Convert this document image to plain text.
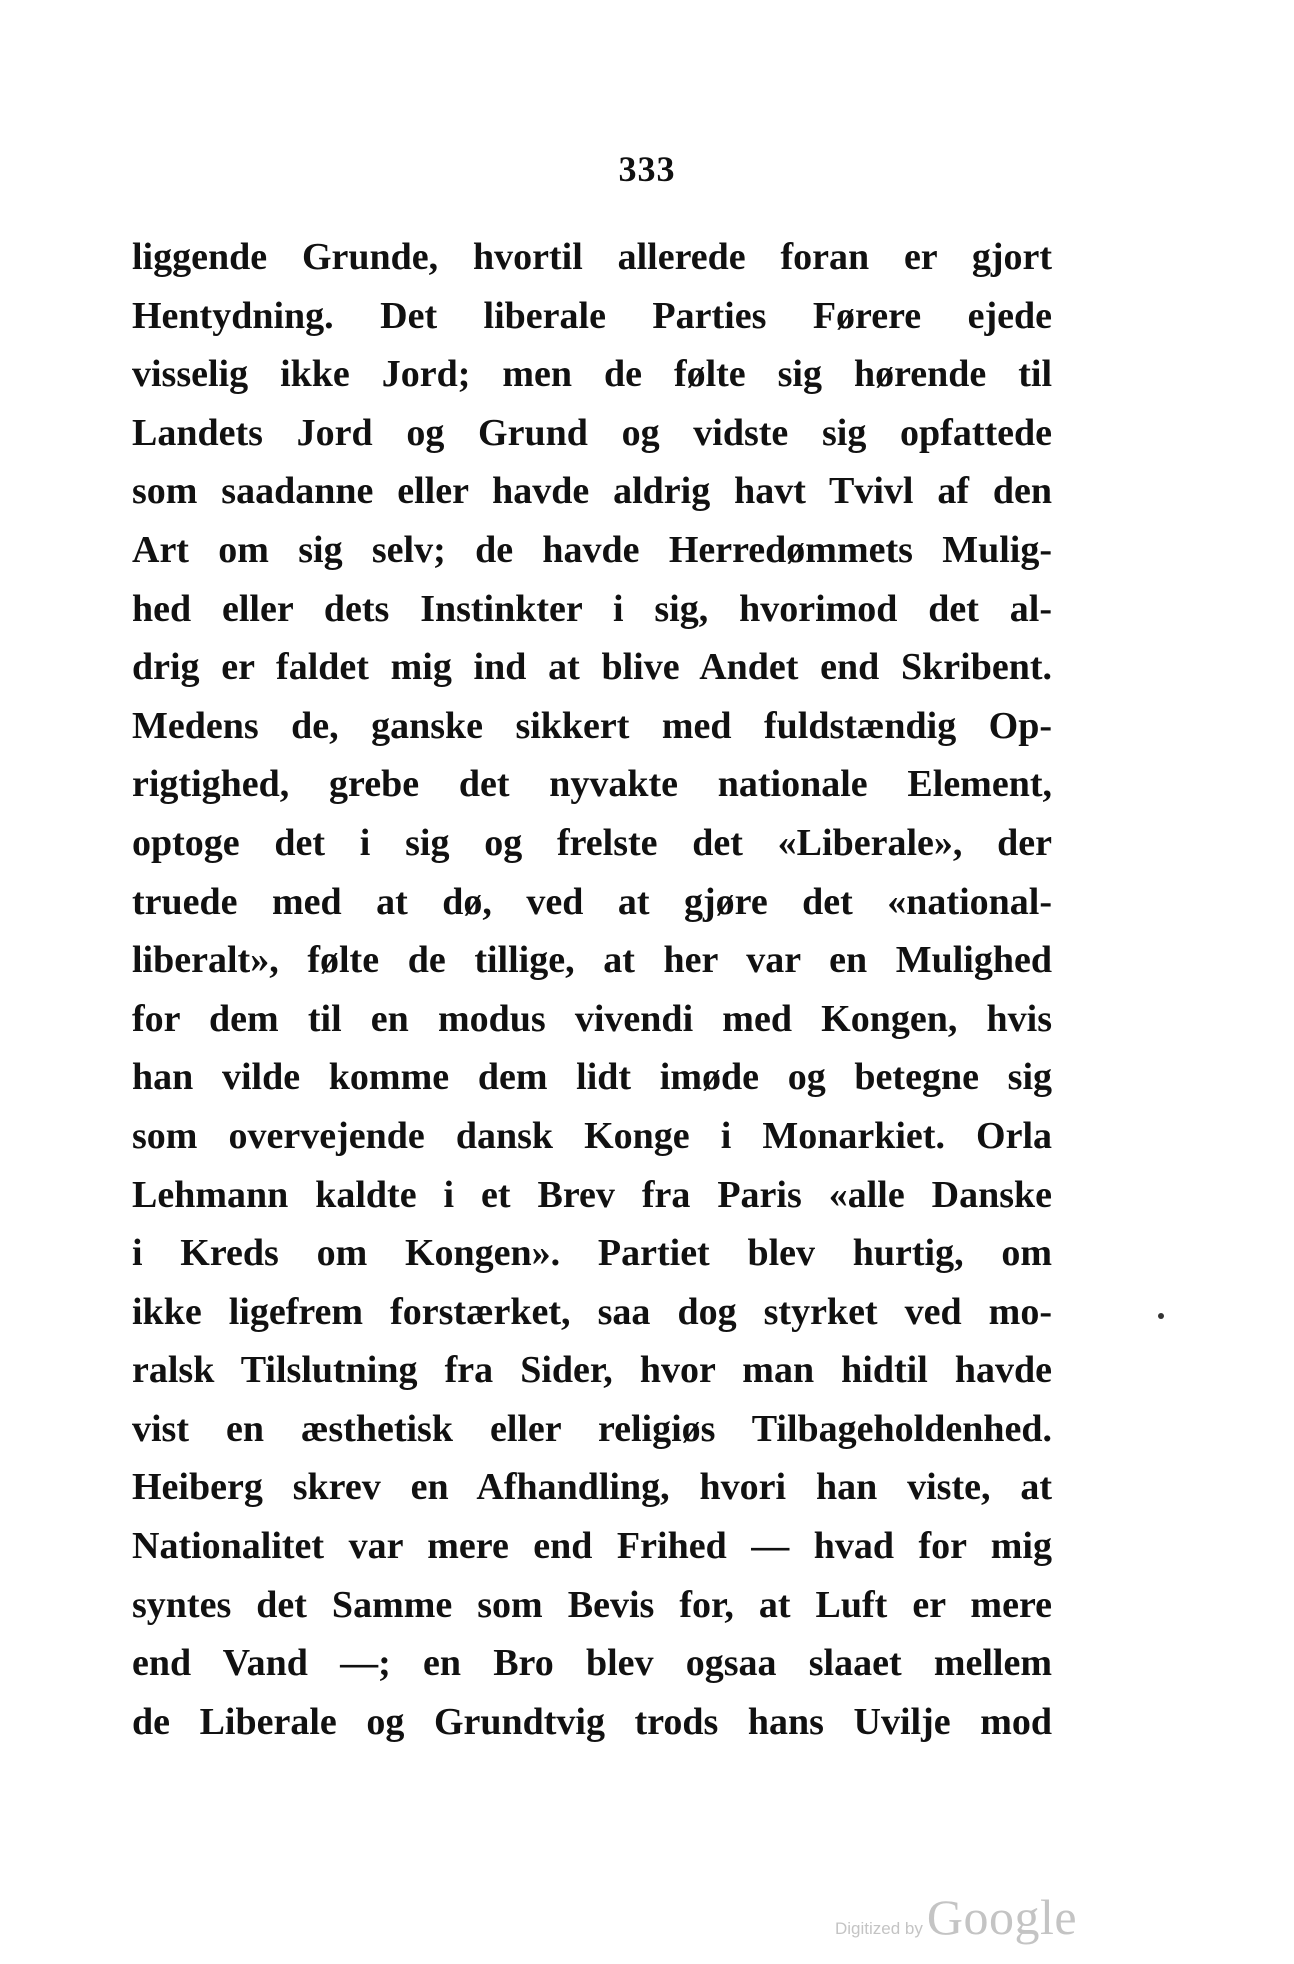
333
liggende Grunde, hvortil allerede foran er gjort
Hentydning. Det liberale Parties Førere ejede
visselig ikke Jord; men de følte sig hørende til
Landets Jord og Grund og vidste sig opfattede
som saadanne eller havde aldrig havt Tvivl af den
Art om sig selv; de havde Herredømmets Mulig-
hed eller dets Instinkter i sig, hvorimod det al-
drig er faldet mig ind at blive Andet end Skribent.
Medens de, ganske sikkert med fuldstændig Op-
rigtighed, grebe det nyvakte nationale Element,
optoge det i sig og frelste det «Liberale», der
truede med at dø, ved at gjøre det «national-
liberalt», følte de tillige, at her var en Mulighed
for dem til en modus vivendi med Kongen, hvis
han vilde komme dem lidt imøde og betegne sig
som overvejende dansk Konge i Monarkiet. Orla
Lehmann kaldte i et Brev fra Paris «alle Danske
i Kreds om Kongen». Partiet blev hurtig, om
ikke ligefrem forstærket, saa dog styrket ved mo-
ralsk Tilslutning fra Sider, hvor man hidtil havde
vist en æsthetisk eller religiøs Tilbageholdenhed.
Heiberg skrev en Afhandling, hvori han viste, at
Nationalitet var mere end Frihed — hvad for mig
syntes det Samme som Bevis for, at Luft er mere
end Vand —; en Bro blev ogsaa slaaet mellem
de Liberale og Grundtvig trods hans Uvilje mod
Digitized by Google
